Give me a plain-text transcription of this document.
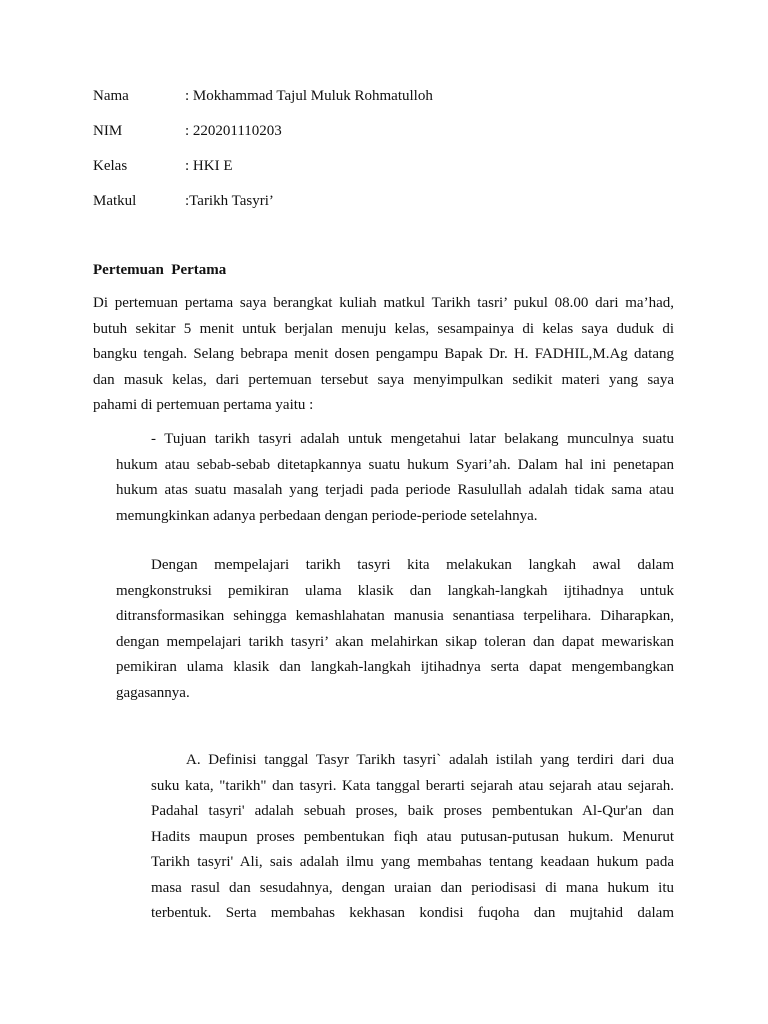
Nama	: Mokhammad Tajul Muluk Rohmatulloh
NIM	: 220201110203
Kelas	: HKI E
Matkul	:Tarikh Tasyri’
Pertemuan  Pertama
Di pertemuan pertama saya berangkat kuliah matkul Tarikh tasri’ pukul 08.00 dari ma’had,
butuh sekitar 5 menit untuk berjalan menuju kelas, sesampainya di kelas saya duduk di
bangku tengah. Selang bebrapa menit dosen pengampu Bapak Dr. H. FADHIL,M.Ag datang
dan masuk kelas, dari pertemuan tersebut saya menyimpulkan sedikit materi yang saya
pahami di pertemuan pertama yaitu :
- Tujuan tarikh tasyri adalah untuk mengetahui latar belakang munculnya suatu
hukum atau sebab-sebab ditetapkannya suatu hukum Syari’ah. Dalam hal ini penetapan
hukum atas suatu masalah yang terjadi pada periode Rasulullah adalah tidak sama atau
memungkinkan adanya perbedaan dengan periode-periode setelahnya.
Dengan mempelajari tarikh tasyri kita melakukan langkah awal dalam
mengkonstruksi pemikiran ulama klasik dan langkah-langkah ijtihadnya untuk
ditransformasikan sehingga kemashlahatan manusia senantiasa terpelihara. Diharapkan,
dengan mempelajari tarikh tasyri’ akan melahirkan sikap toleran dan dapat mewariskan
pemikiran ulama klasik dan langkah-langkah ijtihadnya serta dapat mengembangkan
gagasannya.
A. Definisi tanggal Tasyr Tarikh tasyri` adalah istilah yang terdiri dari dua
suku kata, "tarikh" dan tasyri. Kata tanggal berarti sejarah atau sejarah atau sejarah.
Padahal tasyri' adalah sebuah proses, baik proses pembentukan Al-Qur'an dan
Hadits maupun proses pembentukan fiqh atau putusan-putusan hukum. Menurut
Tarikh tasyri' Ali, sais adalah ilmu yang membahas tentang keadaan hukum pada
masa rasul dan sesudahnya, dengan uraian dan periodisasi di mana hukum itu
terbentuk. Serta membahas kekhasan kondisi fuqoha dan mujtahid dalam
